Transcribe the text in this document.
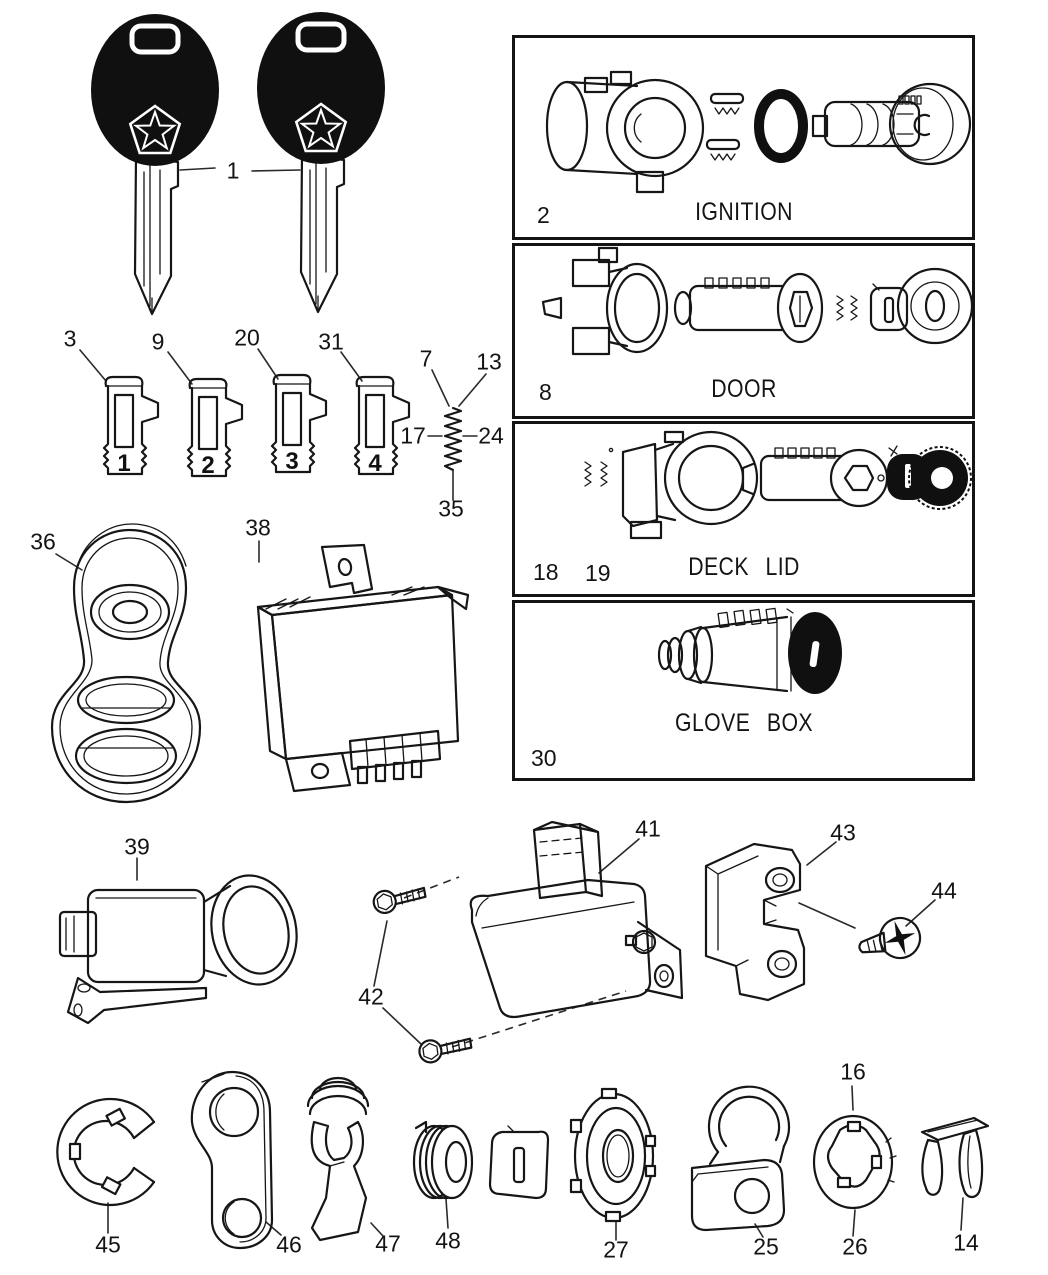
1	2	3	4
2	IGNITION
8	DOOR
18 19	DECK LID
30
GLOVE BOX
1
3	9	20	31
7 13
17 24
35
36
38
39
41
42
43
44
45	46	47 48	27	25
16
26	14
